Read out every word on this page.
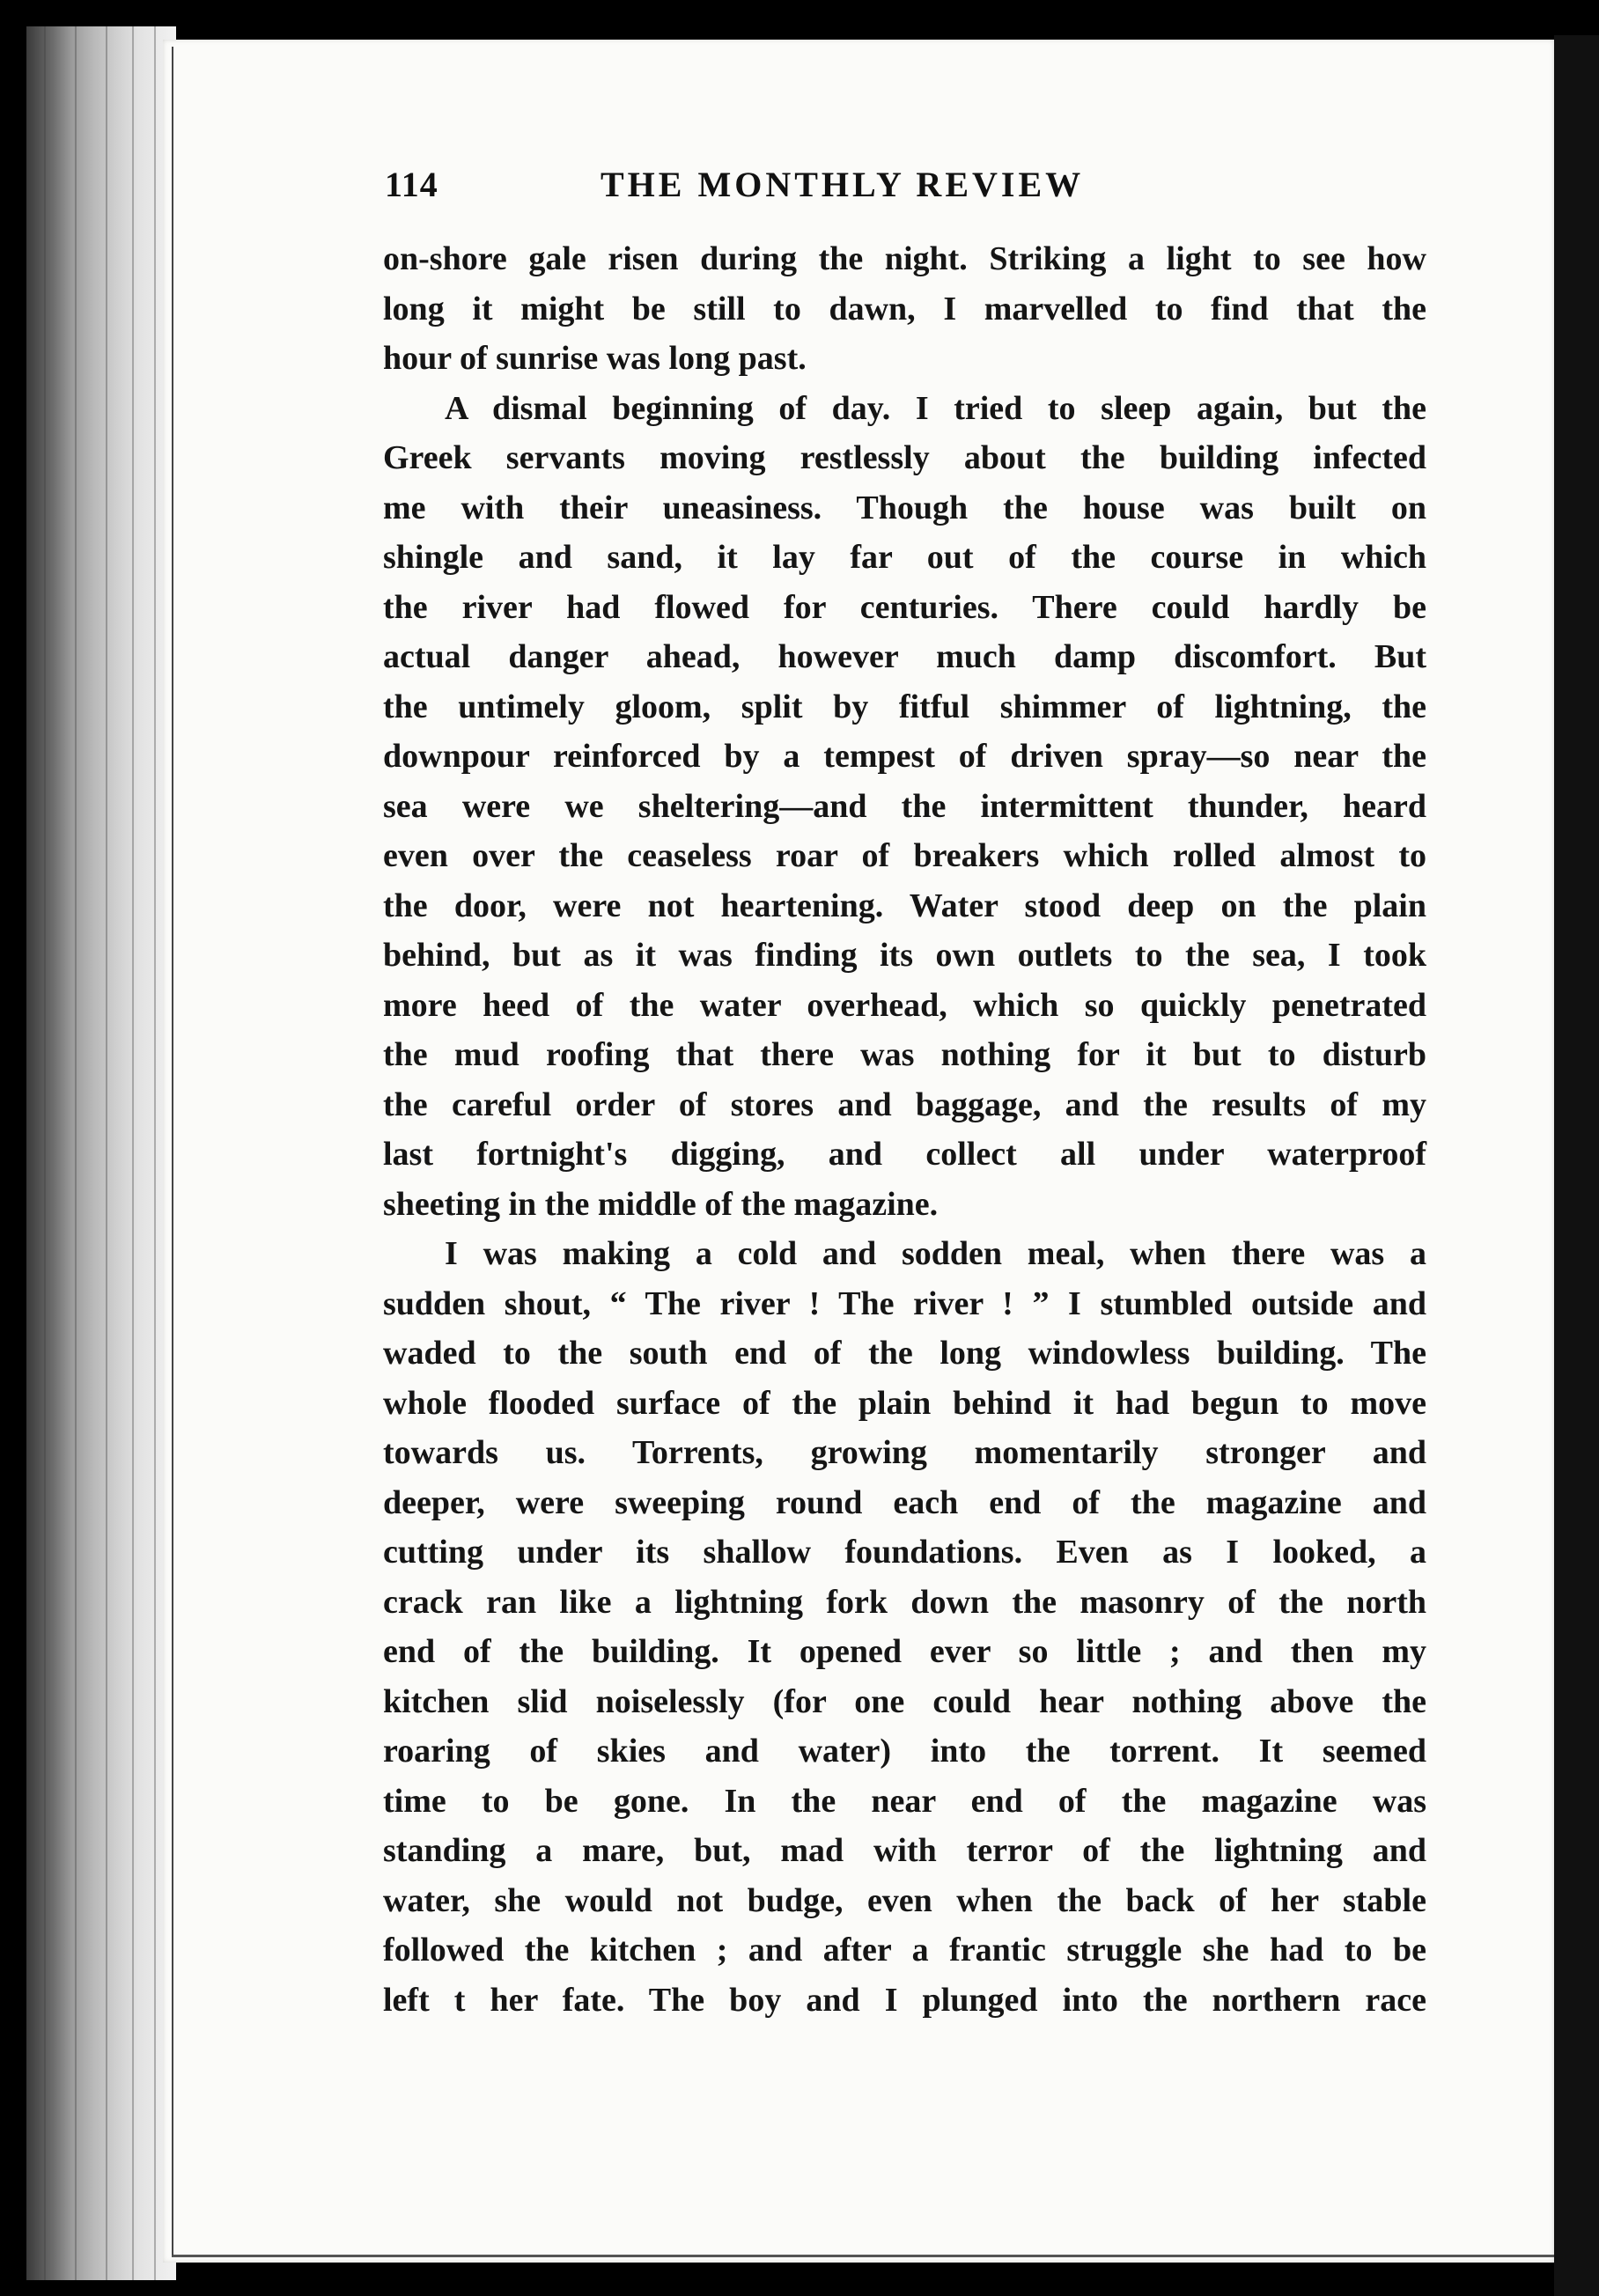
114	THE MONTHLY REVIEW
on-shore gale risen during the night. Striking a light to see how
long it might be still to dawn, I marvelled to find that the
hour of sunrise was long past.
A dismal beginning of day. I tried to sleep again, but the
Greek servants moving restlessly about the building infected
me with their uneasiness. Though the house was built on
shingle and sand, it lay far out of the course in which
the river had flowed for centuries. There could hardly be
actual danger ahead, however much damp discomfort. But
the untimely gloom, split by fitful shimmer of lightning, the
downpour reinforced by a tempest of driven spray—so near the
sea were we sheltering—and the intermittent thunder, heard
even over the ceaseless roar of breakers which rolled almost to
the door, were not heartening. Water stood deep on the plain
behind, but as it was finding its own outlets to the sea, I took
more heed of the water overhead, which so quickly penetrated
the mud roofing that there was nothing for it but to disturb
the careful order of stores and baggage, and the results of my
last fortnight's digging, and collect all under waterproof
sheeting in the middle of the magazine.
I was making a cold and sodden meal, when there was a
sudden shout, “ The river ! The river ! ” I stumbled outside and
waded to the south end of the long windowless building. The
whole flooded surface of the plain behind it had begun to move
towards us. Torrents, growing momentarily stronger and
deeper, were sweeping round each end of the magazine and
cutting under its shallow foundations. Even as I looked, a
crack ran like a lightning fork down the masonry of the north
end of the building. It opened ever so little ; and then my
kitchen slid noiselessly (for one could hear nothing above the
roaring of skies and water) into the torrent. It seemed
time to be gone. In the near end of the magazine was
standing a mare, but, mad with terror of the lightning and
water, she would not budge, even when the back of her stable
followed the kitchen ; and after a frantic struggle she had to be
left t her fate. The boy and I plunged into the northern race
